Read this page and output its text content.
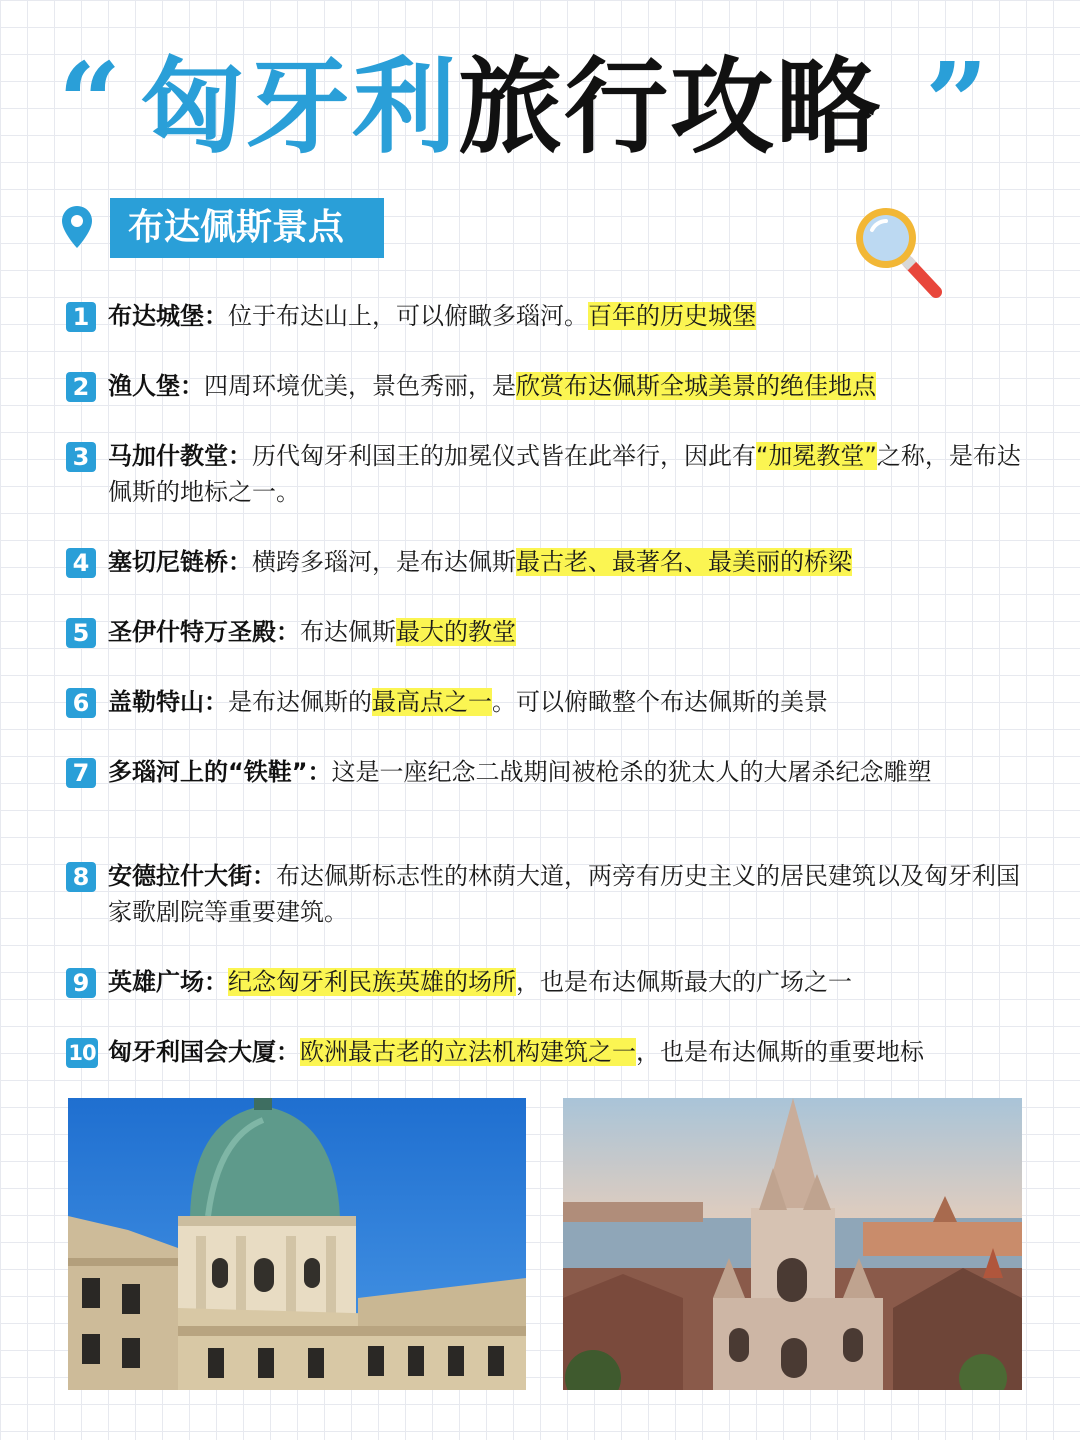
“ 匈牙利旅行攻略 ”
布达佩斯景点
1 布达城堡：位于布达山上，可以俯瞰多瑙河。百年的历史城堡
2 渔人堡：四周环境优美，景色秀丽，是欣赏布达佩斯全城美景的绝佳地点
3 马加什教堂：历代匈牙利国王的加冕仪式皆在此举行，因此有“加冕教堂”之称，是布达佩斯的地标之一。
4 塞切尼链桥：横跨多瑙河，是布达佩斯最古老、最著名、最美丽的桥梁
5 圣伊什特万圣殿：布达佩斯最大的教堂
6 盖勒特山：是布达佩斯的最高点之一。可以俯瞰整个布达佩斯的美景
7 多瑙河上的“铁鞋”：这是一座纪念二战期间被枪杀的犹太人的大屠杀纪念雕塑
8 安德拉什大街：布达佩斯标志性的林荫大道，两旁有历史主义的居民建筑以及匈牙利国家歌剧院等重要建筑。
9 英雄广场：纪念匈牙利民族英雄的场所，也是布达佩斯最大的广场之一
10 匈牙利国会大厦：欧洲最古老的立法机构建筑之一，也是布达佩斯的重要地标
